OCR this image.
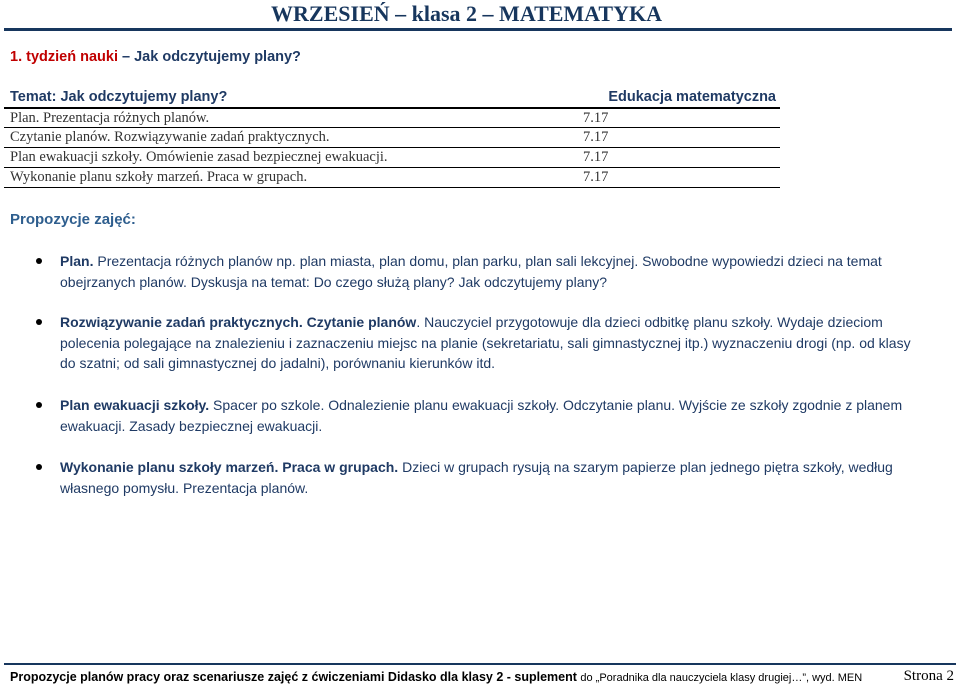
WRZESIEŃ – klasa 2 – MATEMATYKA
1. tydzień nauki – Jak odczytujemy plany?
Temat: Jak odczytujemy plany?	Edukacja matematyczna
Plan. Prezentacja różnych planów.	7.17
Czytanie planów. Rozwiązywanie zadań praktycznych.	7.17
Plan ewakuacji szkoły. Omówienie zasad bezpiecznej ewakuacji.	7.17
Wykonanie planu szkoły marzeń. Praca w grupach.	7.17
Propozycje zajęć:

Plan. Prezentacja różnych planów np. plan miasta, plan domu, plan parku, plan sali lekcyjnej. Swobodne wypowiedzi dzieci na temat

obejrzanych planów. Dyskusja na temat: Do czego służą plany? Jak odczytujemy plany?

Rozwiązywanie zadań praktycznych. Czytanie planów. Nauczyciel przygotowuje dla dzieci odbitkę planu szkoły. Wydaje dzieciom

polecenia polegające na znalezieniu i zaznaczeniu miejsc na planie (sekretariatu, sali gimnastycznej itp.) wyznaczeniu drogi (np. od klasy

do szatni; od sali gimnastycznej do jadalni), porównaniu kierunków itd.

Plan ewakuacji szkoły. Spacer po szkole. Odnalezienie planu ewakuacji szkoły. Odczytanie planu. Wyjście ze szkoły zgodnie z planem

ewakuacji. Zasady bezpiecznej ewakuacji.

Wykonanie planu szkoły marzeń. Praca w grupach. Dzieci w grupach rysują na szarym papierze plan jednego piętra szkoły, według

własnego pomysłu. Prezentacja planów.

Propozycje planów pracy oraz scenariusze zajęć z ćwiczeniami Didasko dla klasy 2 - suplement do „Poradnika dla nauczyciela klasy drugiej…”, wyd. MEN	Strona 2
